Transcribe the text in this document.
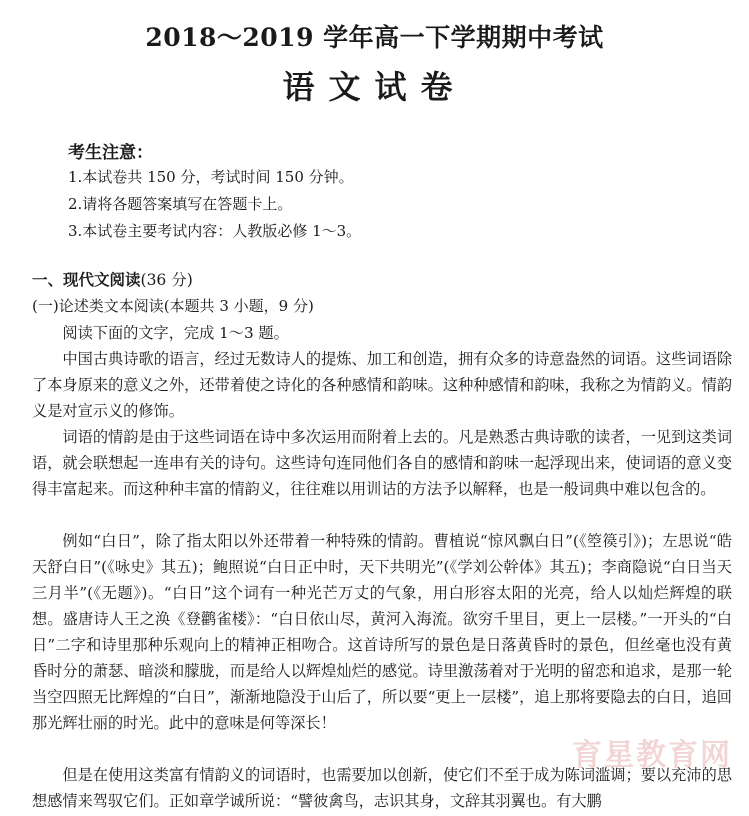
2018～2019 学年高一下学期期中考试
语文试卷
考生注意：
1.本试卷共 150 分，考试时间 150 分钟。
2.请将各题答案填写在答题卡上。
3.本试卷主要考试内容：人教版必修 1～3。
一、现代文阅读(36 分)
(一)论述类文本阅读(本题共 3 小题，9 分)

阅读下面的文字，完成 1～3 题。

中国古典诗歌的语言，经过无数诗人的提炼、加工和创造，拥有众多的诗意盎然的词语。这些词语除了本身原来的意义之外，还带着使之诗化的各种感情和韵味。这种种感情和韵味，我称之为情韵义。情韵义是对宣示义的修饰。

词语的情韵是由于这些词语在诗中多次运用而附着上去的。凡是熟悉古典诗歌的读者，一见到这类词语，就会联想起一连串有关的诗句。这些诗句连同他们各自的感情和韵味一起浮现出来，使词语的意义变得丰富起来。而这种种丰富的情韵义，往往难以用训诂的方法予以解释，也是一般词典中难以包含的。

例如“白日”，除了指太阳以外还带着一种特殊的情韵。曹植说“惊风飘白日”(《箜篌引》)；左思说“皓天舒白日”(《咏史》其五)；鲍照说“白日正中时，天下共明光”(《学刘公幹体》其五)；李商隐说“白日当天三月半”(《无题》)。“白日”这个词有一种光芒万丈的气象，用白形容太阳的光亮，给人以灿烂辉煌的联想。盛唐诗人王之涣《登鹳雀楼》：“白日依山尽，黄河入海流。欲穷千里目，更上一层楼。”一开头的“白日”二字和诗里那种乐观向上的精神正相吻合。这首诗所写的景色是日落黄昏时的景色，但丝毫也没有黄昏时分的萧瑟、暗淡和朦胧，而是给人以辉煌灿烂的感觉。诗里激荡着对于光明的留恋和追求，是那一轮当空四照无比辉煌的“白日”，渐渐地隐没于山后了，所以要“更上一层楼”，追上那将要隐去的白日，追回那光辉壮丽的时光。此中的意味是何等深长！

但是在使用这类富有情韵义的词语时，也需要加以创新，使它们不至于成为陈词滥调；要以充沛的思想感情来驾驭它们。正如章学诚所说：“譬彼禽鸟，志识其身，文辞其羽翼也。有大鹏

育星教育网
